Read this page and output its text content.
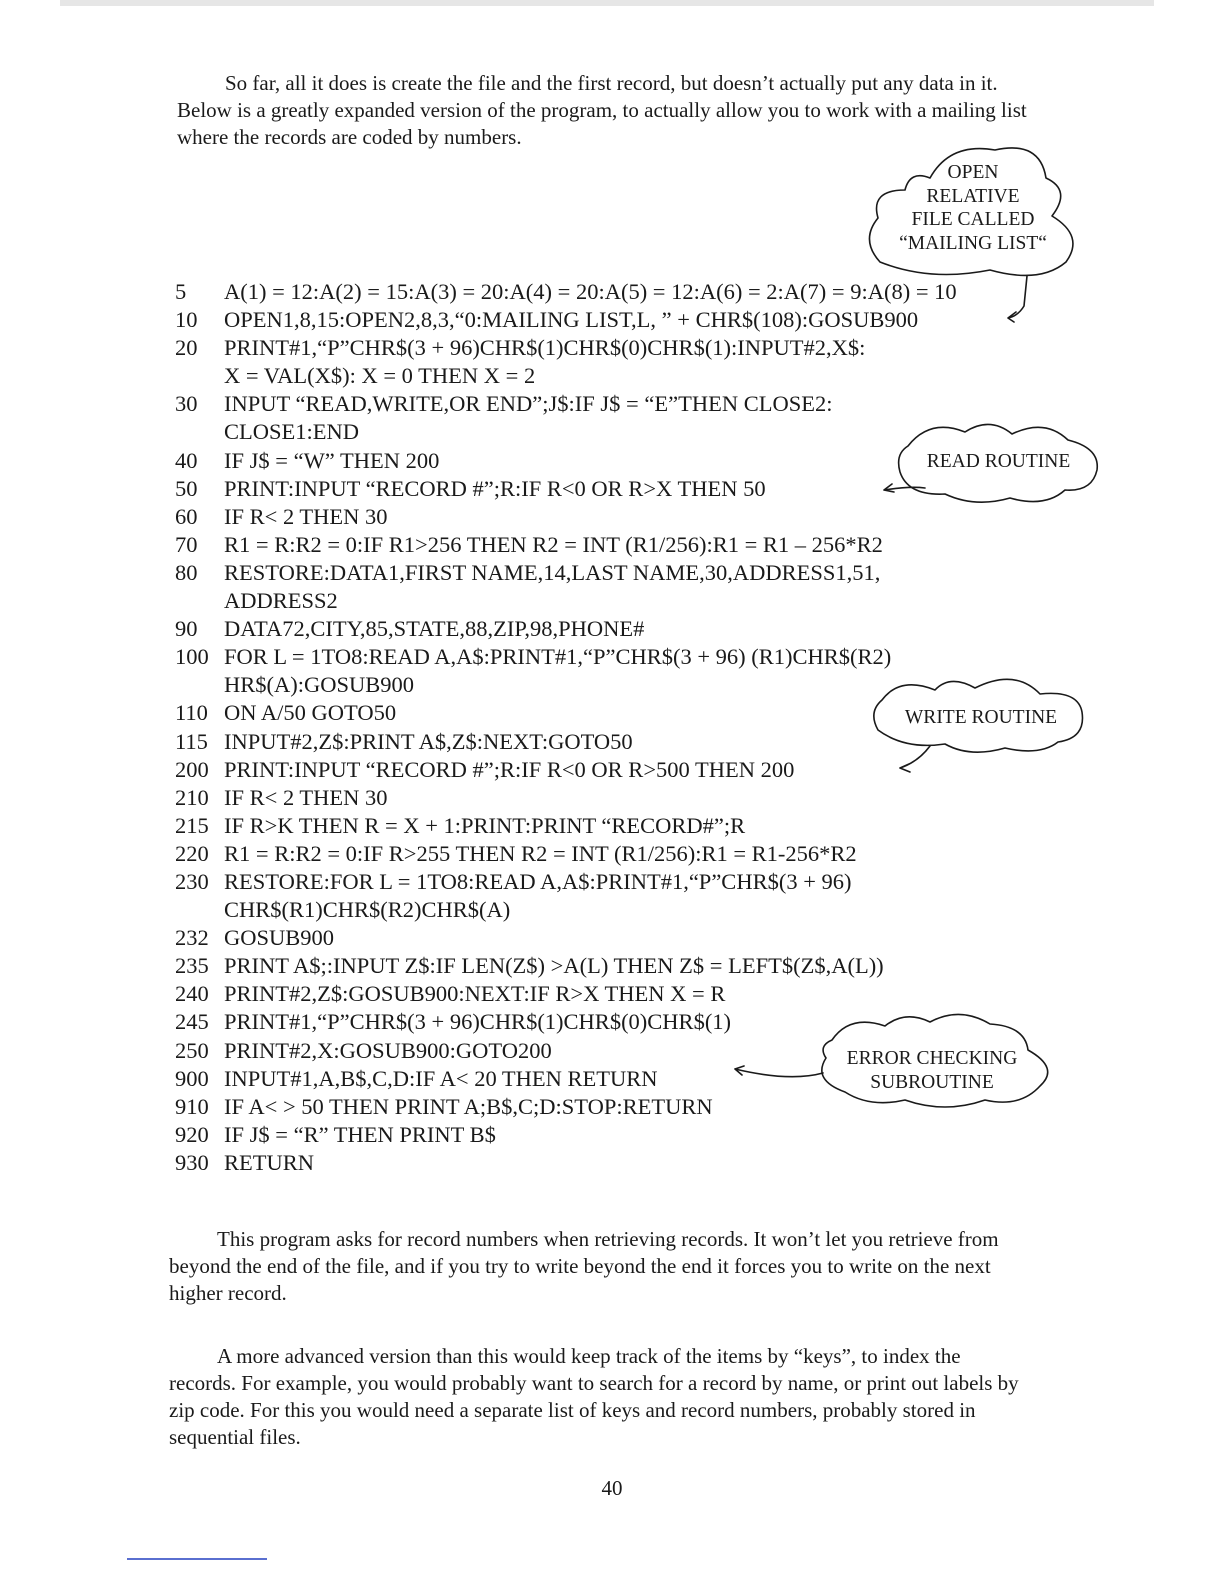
So far, all it does is create the file and the first record, but doesn’t actually put any data in it. Below is a greatly expanded version of the program, to actually allow you to work with a mailing list where the records are coded by numbers.

5	A(1) = 12:A(2) = 15:A(3) = 20:A(4) = 20:A(5) = 12:A(6) = 2:A(7) = 9:A(8) = 10
10	OPEN1,8,15:OPEN2,8,3,“0:MAILING LIST,L, ” + CHR$(108):GOSUB900
20	PRINT#1,“P”CHR$(3 + 96)CHR$(1)CHR$(0)CHR$(1):INPUT#2,X$:
X = VAL(X$): X = 0 THEN X = 2
30	INPUT “READ,WRITE,OR END”;J$:IF J$ = “E”THEN CLOSE2:
CLOSE1:END
40	IF J$ = “W” THEN 200
50	PRINT:INPUT “RECORD #”;R:IF R<0 OR R>X THEN 50
60	IF R< 2 THEN 30
70	R1 = R:R2 = 0:IF R1>256 THEN R2 = INT (R1/256):R1 = R1 – 256*R2
80	RESTORE:DATA1,FIRST NAME,14,LAST NAME,30,ADDRESS1,51,
ADDRESS2
90	DATA72,CITY,85,STATE,88,ZIP,98,PHONE#
100 FOR L = 1TO8:READ A,A$:PRINT#1,“P”CHR$(3 + 96) (R1)CHR$(R2)
HR$(A):GOSUB900
110 ON A/50 GOTO50
115 INPUT#2,Z$:PRINT A$,Z$:NEXT:GOTO50
200 PRINT:INPUT “RECORD #”;R:IF R<0 OR R>500 THEN 200
210 IF R< 2 THEN 30
215 IF R>K THEN R = X + 1:PRINT:PRINT “RECORD#”;R
220 R1 = R:R2 = 0:IF R>255 THEN R2 = INT (R1/256):R1 = R1-256*R2
230 RESTORE:FOR L = 1TO8:READ A,A$:PRINT#1,“P”CHR$(3 + 96)
CHR$(R1)CHR$(R2)CHR$(A)
232 GOSUB900
235 PRINT A$;:INPUT Z$:IF LEN(Z$) >A(L) THEN Z$ = LEFT$(Z$,A(L))
240 PRINT#2,Z$:GOSUB900:NEXT:IF R>X THEN X = R
245 PRINT#1,“P”CHR$(3 + 96)CHR$(1)CHR$(0)CHR$(1)
250 PRINT#2,X:GOSUB900:GOTO200
900 INPUT#1,A,B$,C,D:IF A< 20 THEN RETURN
910 IF A< > 50 THEN PRINT A;B$,C;D:STOP:RETURN
920 IF J$ = “R” THEN PRINT B$
930 RETURN
OPEN
RELATIVE
FILE CALLED
“MAILING LIST“
READ ROUTINE
WRITE ROUTINE
ERROR CHECKING
SUBROUTINE

This program asks for record numbers when retrieving records. It won’t let you retrieve from beyond the end of the file, and if you try to write beyond the end it forces you to write on the next higher record.

A more advanced version than this would keep track of the items by “keys”, to index the records. For example, you would probably want to search for a record by name, or print out labels by zip code. For this you would need a separate list of keys and record numbers, probably stored in sequential files.

40
